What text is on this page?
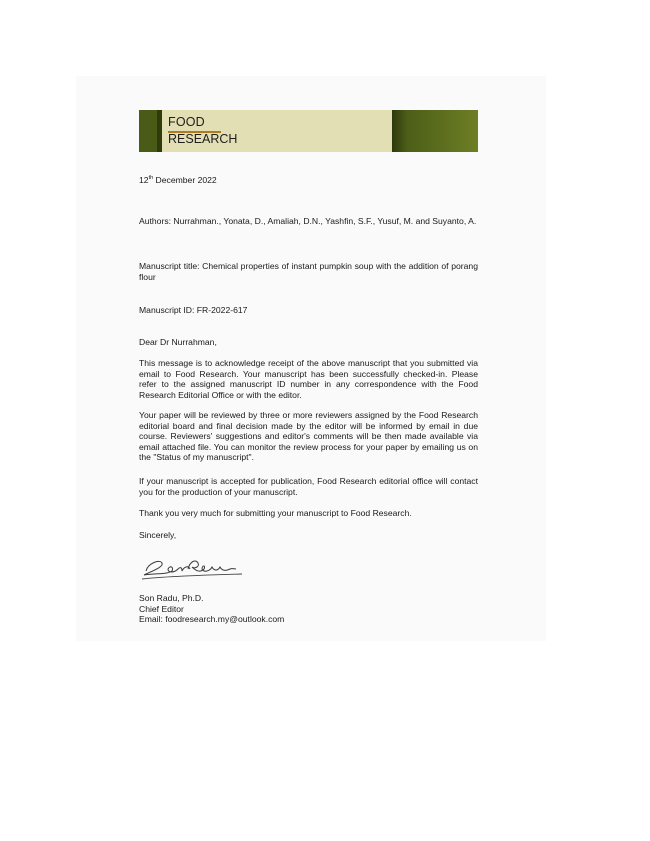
FOOD
RESEARCH
12th December 2022
Authors: Nurrahman., Yonata, D., Amaliah, D.N., Yashfin, S.F., Yusuf, M. and Suyanto, A.
Manuscript title: Chemical properties of instant pumpkin soup with the addition of porang flour
Manuscript ID: FR-2022-617
Dear Dr Nurrahman,
This message is to acknowledge receipt of the above manuscript that you submitted via email to Food Research. Your manuscript has been successfully checked-in. Please refer to the assigned manuscript ID number in any correspondence with the Food Research Editorial Office or with the editor.
Your paper will be reviewed by three or more reviewers assigned by the Food Research editorial board and final decision made by the editor will be informed by email in due course. Reviewers' suggestions and editor's comments will be then made available via email attached file. You can monitor the review process for your paper by emailing us on the "Status of my manuscript".
If your manuscript is accepted for publication, Food Research editorial office will contact you for the production of your manuscript.
Thank you very much for submitting your manuscript to Food Research.
Sincerely,
Son Radu, Ph.D.
Chief Editor
Email: foodresearch.my@outlook.com
